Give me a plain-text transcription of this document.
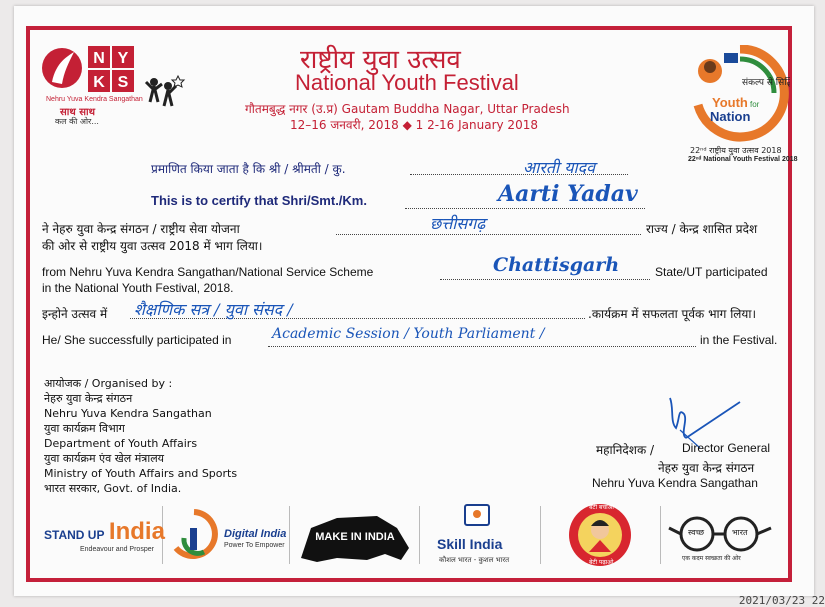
N Y
K S
Nehru Yuva Kendra Sangathan
साथ साथ
कल की ओर...
राष्ट्रीय युवा उत्सव
National Youth Festival
गौतमबुद्ध नगर (उ.प्र) Gautam Buddha Nagar, Uttar Pradesh
12–16 जनवरी, 2018 ◆ 1 2-16 January 2018
संकल्प से सिद्धि
Youth for
Nation
22ⁿᵈ राष्ट्रीय युवा उत्सव 2018
22ⁿᵈ National Youth Festival 2018
प्रमाणित किया जाता है कि श्री / श्रीमती / कु.	आरती यादव
This is to certify that Shri/Smt./Km.	Aarti Yadav
ने नेहरु युवा केन्द्र संगठन / राष्ट्रीय सेवा योजना	छत्तीसगढ़	राज्य / केन्द्र शासित प्रदेश
की ओर से राष्ट्रीय युवा उत्सव 2018 में भाग लिया।
from Nehru Yuva Kendra Sangathan/National Service Scheme	Chattisgarh	State/UT participated
in the National Youth Festival, 2018.
इन्होने उत्सव में शैक्षणिक सत्र / युवा संसद /	.कार्यक्रम में सफलता पूर्वक भाग लिया।
He/ She successfully participated in	Academic Session / Youth Parliament /	in the Festival.
आयोजक / Organised by :
नेहरु युवा केन्द्र संगठन
Nehru Yuva Kendra Sangathan
युवा कार्यक्रम विभाग
Department of Youth Affairs
युवा कार्यक्रम एंव खेल मंत्रालय
Ministry of Youth Affairs and Sports
भारत सरकार, Govt. of India.
महानिदेशक / Director General
नेहरु युवा केन्द्र संगठन
Nehru Yuva Kendra Sangathan
STAND UP India
Endeavour and Prosper
Digital India
Power To Empower
MAKE IN INDIA	Skill India
कौशल भारत - कुशल भारत
बेटी बचाओ
बेटी पढ़ाओ
स्वच्छ	भारत
एक कदम स्वच्छता की ओर
2021/03/23 22
